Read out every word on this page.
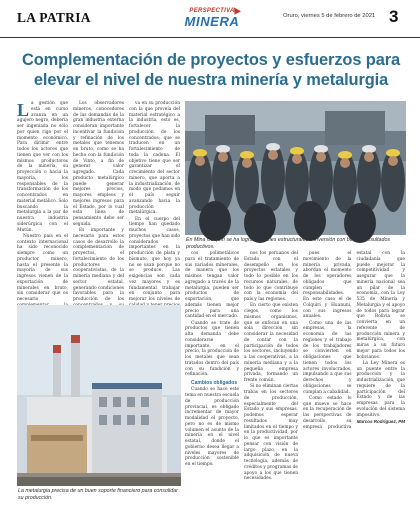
LA PATRIA	PERSPECTIVA
MINERA	Oruro, viernes 5 de febrero de 2021 3
Complementación de proyectos y esfuerzos para elevar el nivel de nuestra minería y metalurgia

La gestión que está en curso avanza en un agujero negro, debería ser ingeniada no sólo por quien rige por el momento económico. Para dirimir entre todos los actores que tienen que ver con los mismos productores de la minería, su proyección o hacia la mayoría, los responsables de la transformación de los concentrados en material metálico. Solo buscando la metalurgia a la par de nuestra industria siderúrgica con el Mutún.

Nuestro país en el contexto internacional ha sido reconocido siempre como un productor minero, hasta el presente la mayoría de sus ingresos vienen de la exportación de minerales en bruto, sin considerar que es necesario

Los observadores mineros, conocedores de las demandas de la gran industria externa consideran importante incentivar la fundición y refinación de los metales que tenemos en bruto, como se ha hecho con la fundición de Vinto, a fin de generar valor agregado. Cada producto metalúrgico puede generar mejores precios, mayores empleos y mejores ingresos para el Estado, por lo cual esta línea de pensamiento debe ser seguida.

Es importante y necesario para estos casos de desarrollo la complementación de proyectos, el fortalecimiento de los productores cooperativistas, de la minería mediana y del sector estatal, generando condiciones favorables para la producción de los

va en su producción con la que proveía del material estratégico a la industria, esto es, fortalecer la producción de los concentrados; que se traducen en un fortalecimiento de toda la cadena. El objetivo tiene que ser garantizar el crecimiento del sector minero, que aporta a la industrialización, de modo que podamos en el país seguir avanzando hacia la producción metalúrgica.

En el cuerpo del tiempo han quedado muchos casos, proyectos que han sido considerados importantes en la producción de plata y bismuto, que hoy ya no se usan porque no se produce. Las exigencias son cada vez mayores y es fundamental trabajar en conjunto para mejorar los niveles de

cos polimetálicos para el tratamiento de sus variados minerales, de manera que los mismos tengan valor agregado a través de la metalurgia, pueden ser productos de exportación, que además tienen mejor precio para una cantidad en el mercado.

Cuando se trate de productos que tienen alta demanda debe considerarse importante, en el precio, la producción de los metales que sean tratados dentro del país con su fundición y refinación.

Cambios obligados

Cuando se hace este tema en nuestra escuela de producción provincial, es obligado incrementar de mayor modalidad el proyecto, pero no es de mismo volumen el asunto de la minería en el nivel estatal, donde el gobierno desea llegar a niveles mayores de producción sostenible en el tiempo.

nos los peruanos del Estado con el desempeño en los proyectos estatales y todo lo posible en los recursos naturales, de todo lo que contribuye con la economía del país y las regiones.

En cierto que existen ciegos, como los mismos organismos, que se enfocan en una sola dirección sin considerar la necesidad de contar con la participación de todos los sectores, incluyendo a las cooperativas, a la minería mediana y a la pequeña empresa privada, formando un frente común.

Si no eliminan ciertas trabas en los sectores de producción, especialmente del Estado y sus empresas, podemos esperar resultados muy limitados en el tiempo y en la productividad, por lo que es importante pensar con visión de largo plazo, en la adquisición de nueva tecnología, además de créditos y programas de apoyo a los que tienen necesidades.

pues el movimiento de la minería privada, abordan el momento de los operadores obligados que cumplen responsabilidades. En este caso el de Colquiri y Huanuni, con sus ingresos anuales.

Como una de las empresas, la economía de las regiones y el trabajo de los trabajadores se convierten en obligaciones que tienen todos los actores involucrados, impulsando a que sus derechos y obligaciones se cumplan a cabalidad.

Como estado lo que mueve se hace en la recuperación de las perspectivas de desarrollo, su empresa productiva estatal con la ciudadanía que puede mejorar la competitividad y asegurar que la minería nacional sea un pilar de la economía, con la Ley 535 de Minería y Metalurgia y el apoyo de todos para lograr que Bolivia se convierta en un referente de producción minera y metalúrgica, con miras a un futuro mejor para todos los bolivianos.

La Ley Minera es un puente entre la producción y la industrialización, que requiere de la participación del Estado y de las empresas para la evolución del sistema impositivo.

Marcos Rodríguez, PM
En Mina Colquiri se ha logrado niveles estructurales e inversión con buenos resultados productivos.
La metalurgia precisa de un buen soporte financiero para consolidar su producción.
